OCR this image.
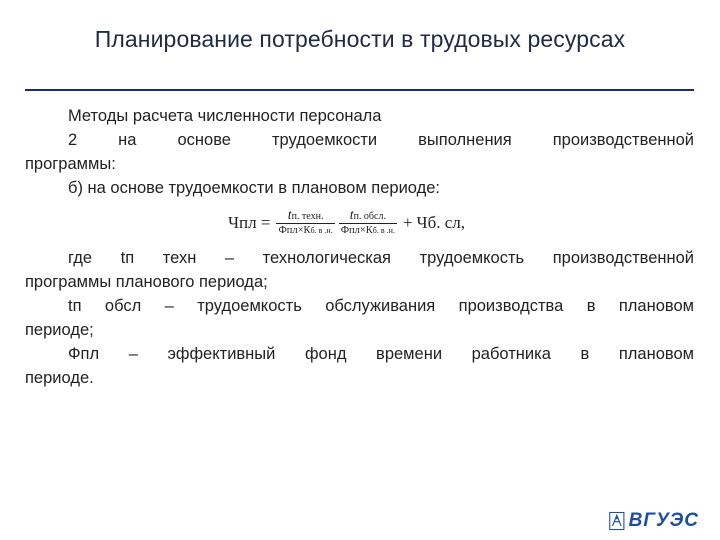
Планирование потребности в трудовых ресурсах

Методы расчета численности персонала

2 на основе трудоемкости выполнения производственной

программы:

б) на основе трудоемкости в плановом периоде:

Чпл = $\frac{\text{tп. техн.}}{\text{Фпл×Кб. в .н.}} \frac{\text{tп. обсл.}}{\text{Фпл×Кб. в .н.}}$ + Чб. сл,

где tп техн – технологическая трудоемкость производственной

программы планового периода;

tп обсл – трудоемкость обслуживания производства в плановом

периоде;

Фпл – эффективный фонд времени работника в плановом

периоде.

ВГУЭС
